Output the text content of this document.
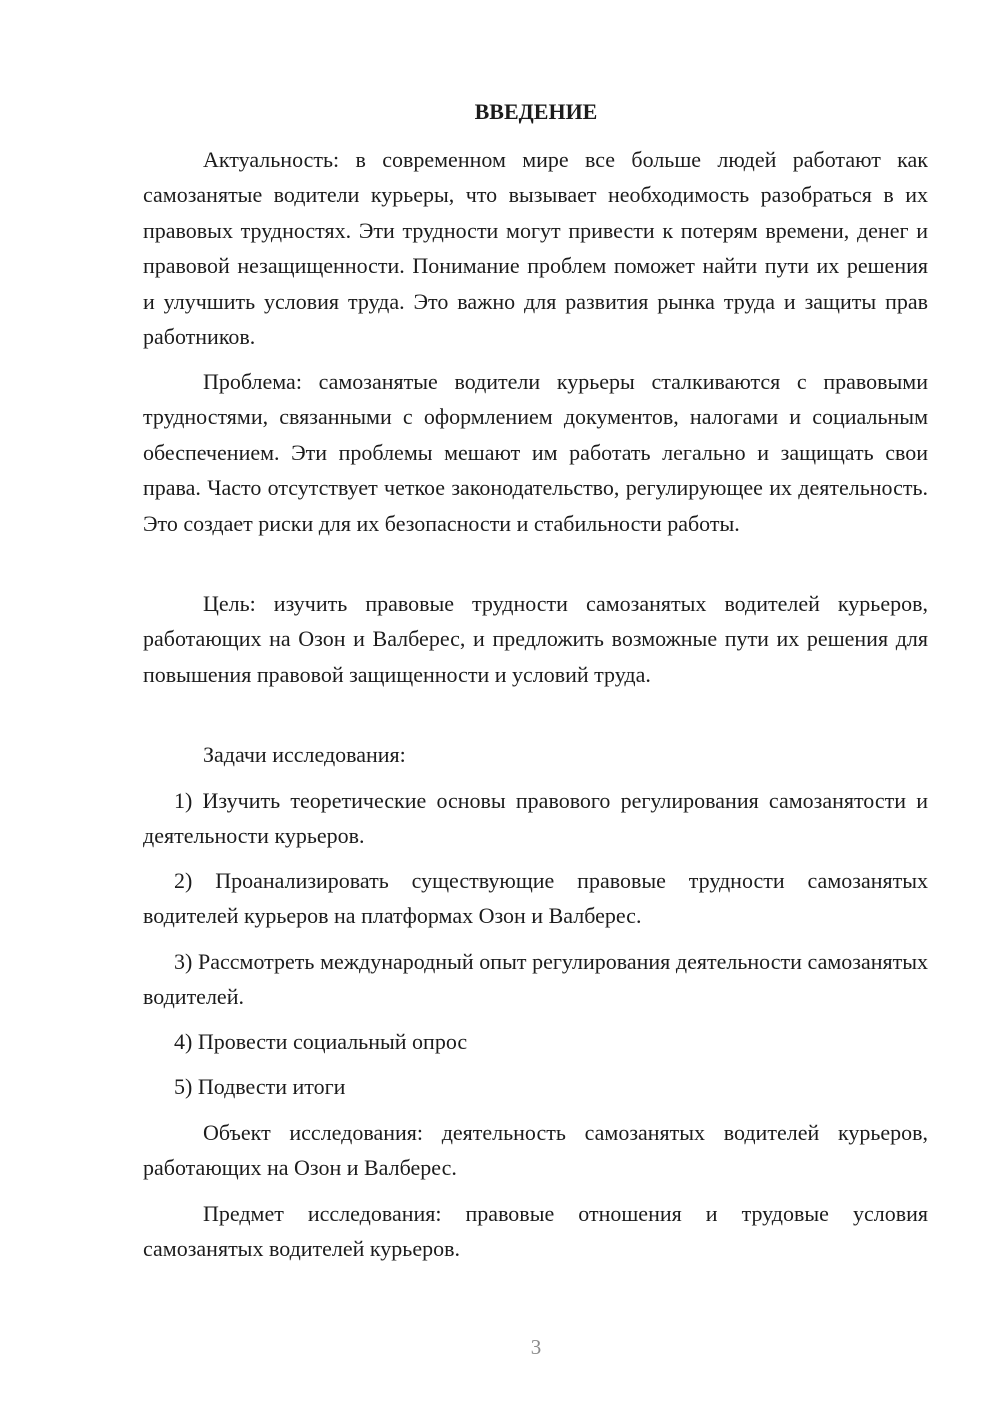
ВВЕДЕНИЕ

Актуальность: в современном мире все больше людей работают как самозанятые водители курьеры, что вызывает необходимость разобраться в их правовых трудностях. Эти трудности могут привести к потерям времени, денег и правовой незащищенности. Понимание проблем поможет найти пути их решения и улучшить условия труда. Это важно для развития рынка труда и защиты прав работников.

Проблема: самозанятые водители курьеры сталкиваются с правовыми трудностями, связанными с оформлением документов, налогами и социальным обеспечением. Эти проблемы мешают им работать легально и защищать свои права. Часто отсутствует четкое законодательство, регулирующее их деятельность. Это создает риски для их безопасности и стабильности работы.

Цель: изучить правовые трудности самозанятых водителей курьеров, работающих на Озон и Валберес, и предложить возможные пути их решения для повышения правовой защищенности и условий труда.

Задачи исследования:

1) Изучить теоретические основы правового регулирования самозанятости и деятельности курьеров.

2) Проанализировать существующие правовые трудности самозанятых водителей курьеров на платформах Озон и Валберес.

3) Рассмотреть международный опыт регулирования деятельности самозанятых водителей.

4) Провести социальный опрос

5) Подвести итоги

Объект исследования: деятельность самозанятых водителей курьеров, работающих на Озон и Валберес.

Предмет исследования: правовые отношения и трудовые условия самозанятых водителей курьеров.

3
